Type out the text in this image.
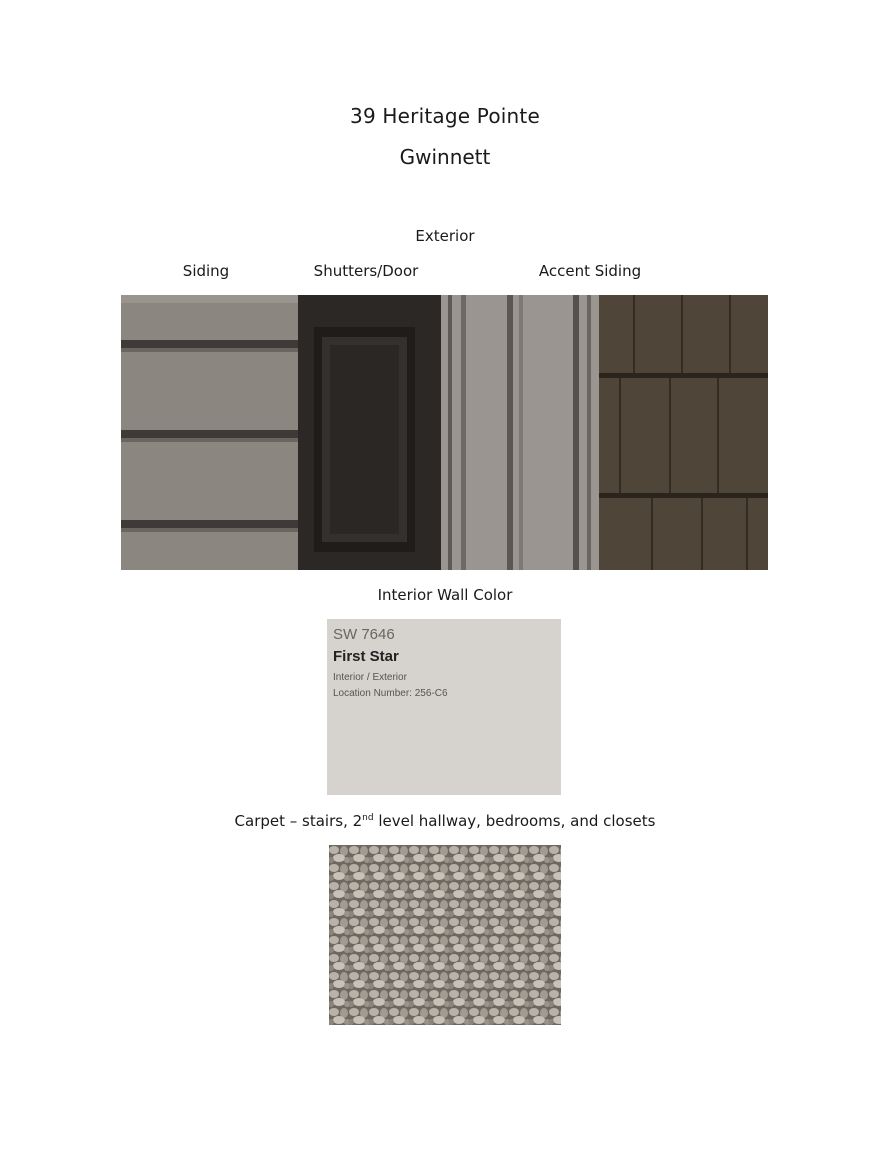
39 Heritage Pointe
Gwinnett
Exterior
Siding	Shutters/Door	Accent Siding
Interior Wall Color
SW 7646
First Star
Interior / Exterior
Location Number: 256-C6
Carpet – stairs, 2nd level hallway, bedrooms, and closets
